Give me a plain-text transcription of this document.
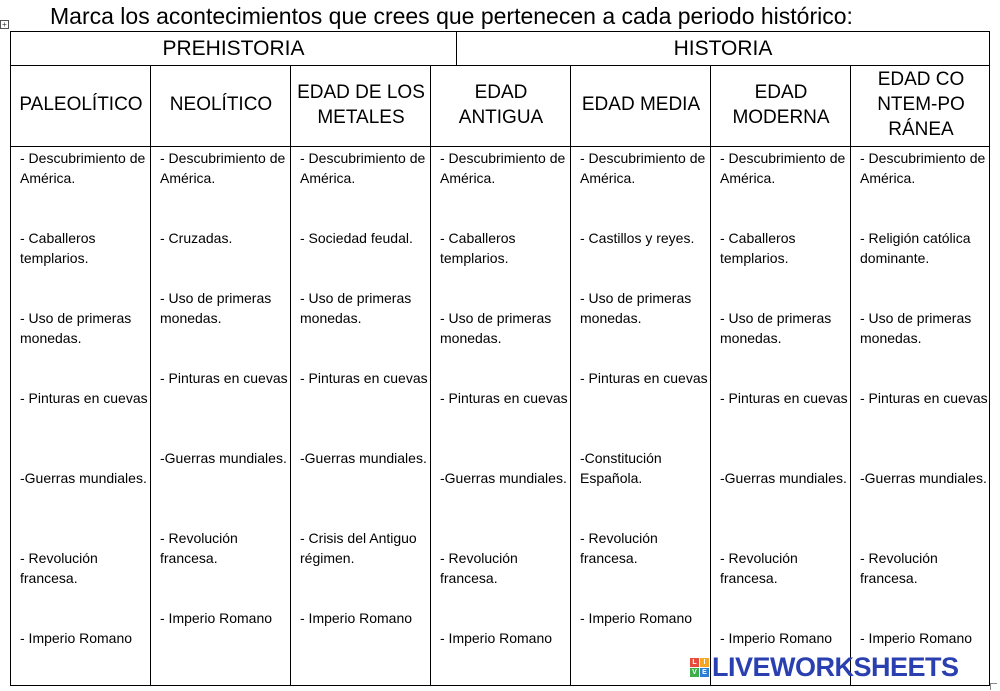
+ Marca los acontecimientos que crees que pertenecen a cada periodo histórico:
PREHISTORIA	HISTORIA
PALEOLÍTICO NEOLÍTICO
EDAD DE LOS METALES
EDAD ANTIGUA
EDAD MEDIA
EDAD MODERNA
EDAD CONTEM-PORÁNEA
- Descubrimiento de América.
- Caballeros templarios.
- Uso de primeras monedas.
- Pinturas en cuevas
-Guerras mundiales.
- Revolución francesa.
- Imperio Romano
- Descubrimiento de América.
- Cruzadas.
- Uso de primeras monedas.
- Pinturas en cuevas
-Guerras mundiales.
- Revolución francesa.
- Imperio Romano
- Descubrimiento de América.
- Sociedad feudal.
- Uso de primeras monedas.
- Pinturas en cuevas
-Guerras mundiales.
- Crisis del Antiguo régimen.
- Imperio Romano
- Descubrimiento de América.
- Caballeros templarios.
- Uso de primeras monedas.
- Pinturas en cuevas
-Guerras mundiales.
- Revolución francesa.
- Imperio Romano
- Descubrimiento de América.
- Castillos y reyes.
- Uso de primeras monedas.
- Pinturas en cuevas
-Constitución Española.
- Revolución francesa.
- Imperio Romano
- Descubrimiento de América.
- Caballeros templarios.
- Uso de primeras monedas.
- Pinturas en cuevas
-Guerras mundiales.
- Revolución francesa.
- Imperio Romano
- Descubrimiento de América.
- Religión católica dominante.
- Uso de primeras monedas.
- Pinturas en cuevas
-Guerras mundiales.
- Revolución francesa.
- Imperio Romano
L I
V E LIVEWORKSHEETS
